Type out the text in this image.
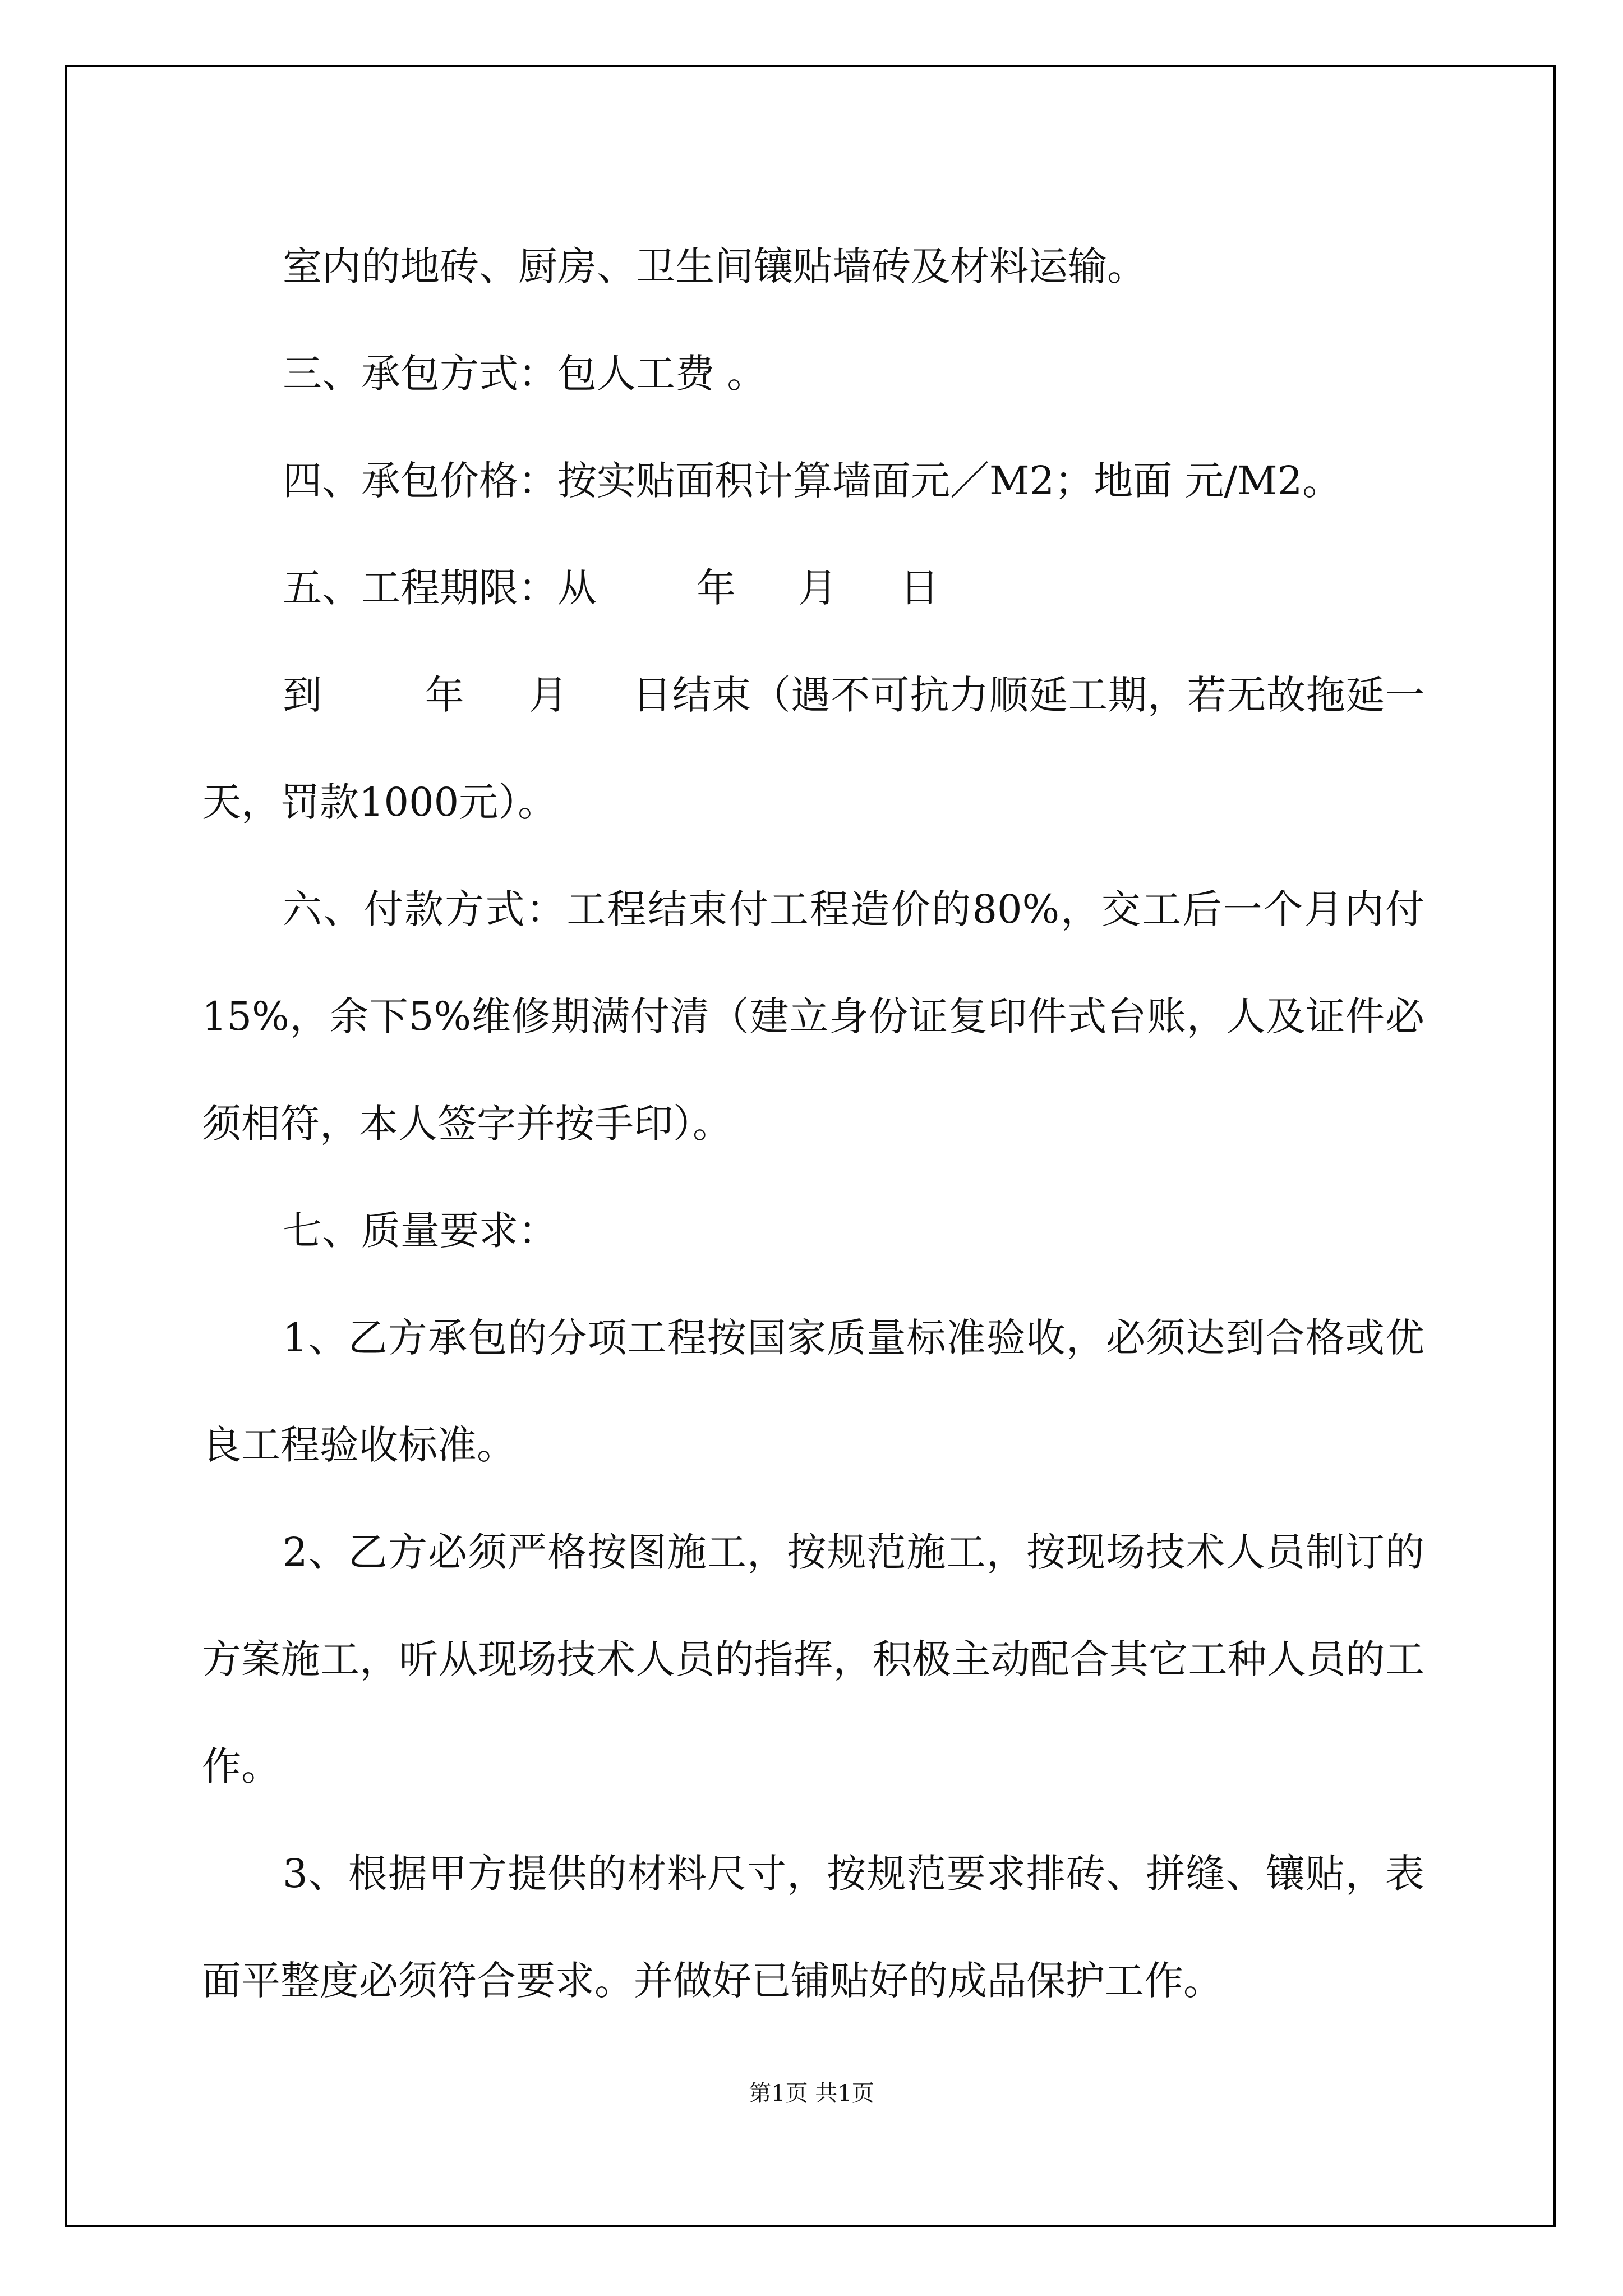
室内的地砖、厨房、卫生间镶贴墙砖及材料运输。

三、承包方式：包人工费 。

四、承包价格：按实贴面积计算墙面元／M2；地面 元/M2。

五、工程期限：从        年     月     日

到        年     月     日结束（遇不可抗力顺延工期，若无故拖延一天，罚款1000元）。

六、付款方式：工程结束付工程造价的80%，交工后一个月内付15%，余下5%维修期满付清（建立身份证复印件式台账，人及证件必须相符，本人签字并按手印）。

七、质量要求：

1、乙方承包的分项工程按国家质量标准验收，必须达到合格或优良工程验收标准。

2、乙方必须严格按图施工，按规范施工，按现场技术人员制订的方案施工，听从现场技术人员的指挥，积极主动配合其它工种人员的工作。

3、根据甲方提供的材料尺寸，按规范要求排砖、拼缝、镶贴，表面平整度必须符合要求。并做好已铺贴好的成品保护工作。

第1页 共1页
